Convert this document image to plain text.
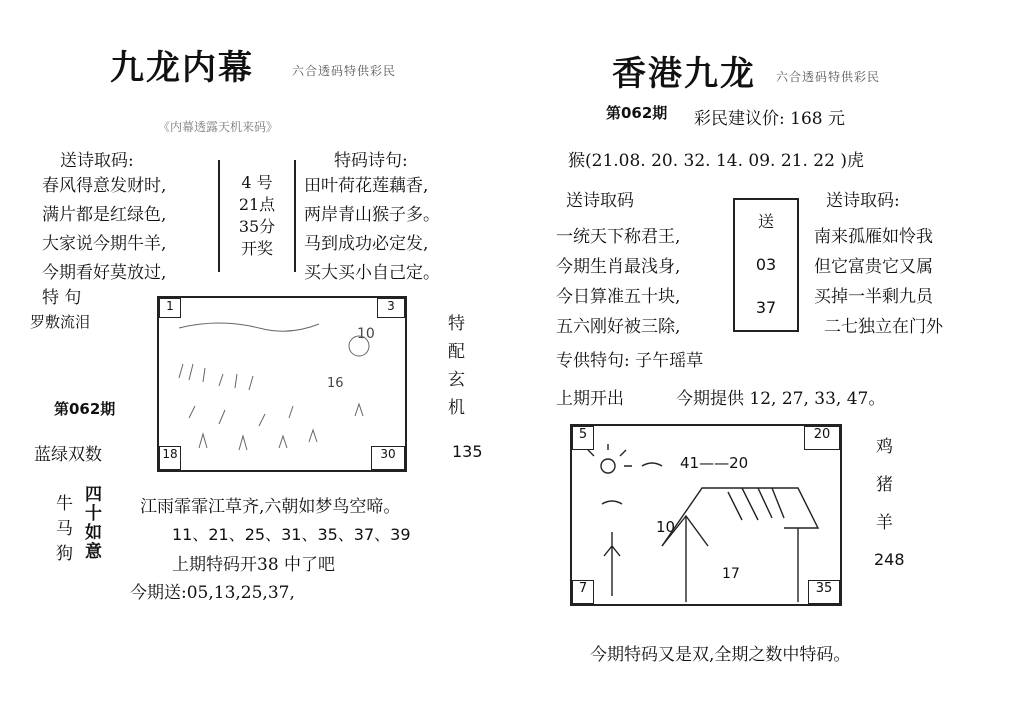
九龙内幕	六合透码特供彩民
《内幕透露天机来码》
送诗取码:
春风得意发财时,
满片都是红绿色,
大家说今期牛羊,
今期看好莫放过,
4 号
21点
35分
开奖
特码诗句:
田叶荷花莲藕香,
两岸青山猴子多。
马到成功必定发,
买大买小自己定。
特 句
罗敷流泪
第062期
蓝绿双数
1	3
18	30
10
16
特
配
玄
机
135
牛
马
狗
四
十
如
意
江雨霏霏江草齐,六朝如梦鸟空啼。
11、21、25、31、35、37、39
上期特码开38 中了吧
今期送:05,13,25,37,
香港九龙 六合透码特供彩民
第062期 彩民建议价: 168 元
猴(21.08. 20. 32. 14. 09. 21. 22 )虎
送诗取码
一统天下称君王,
今期生肖最浅身,
今日算准五十块,
五六刚好被三除,
送
03
37
送诗取码:
南来孤雁如怜我
但它富贵它又属
买掉一半剩九员
二七独立在门外
专供特句: 子午瑶草
上期开出	今期提供 12, 27, 33, 47。
5	20
7	35
41——20
10
17
鸡
猪
羊
248
今期特码又是双,全期之数中特码。
